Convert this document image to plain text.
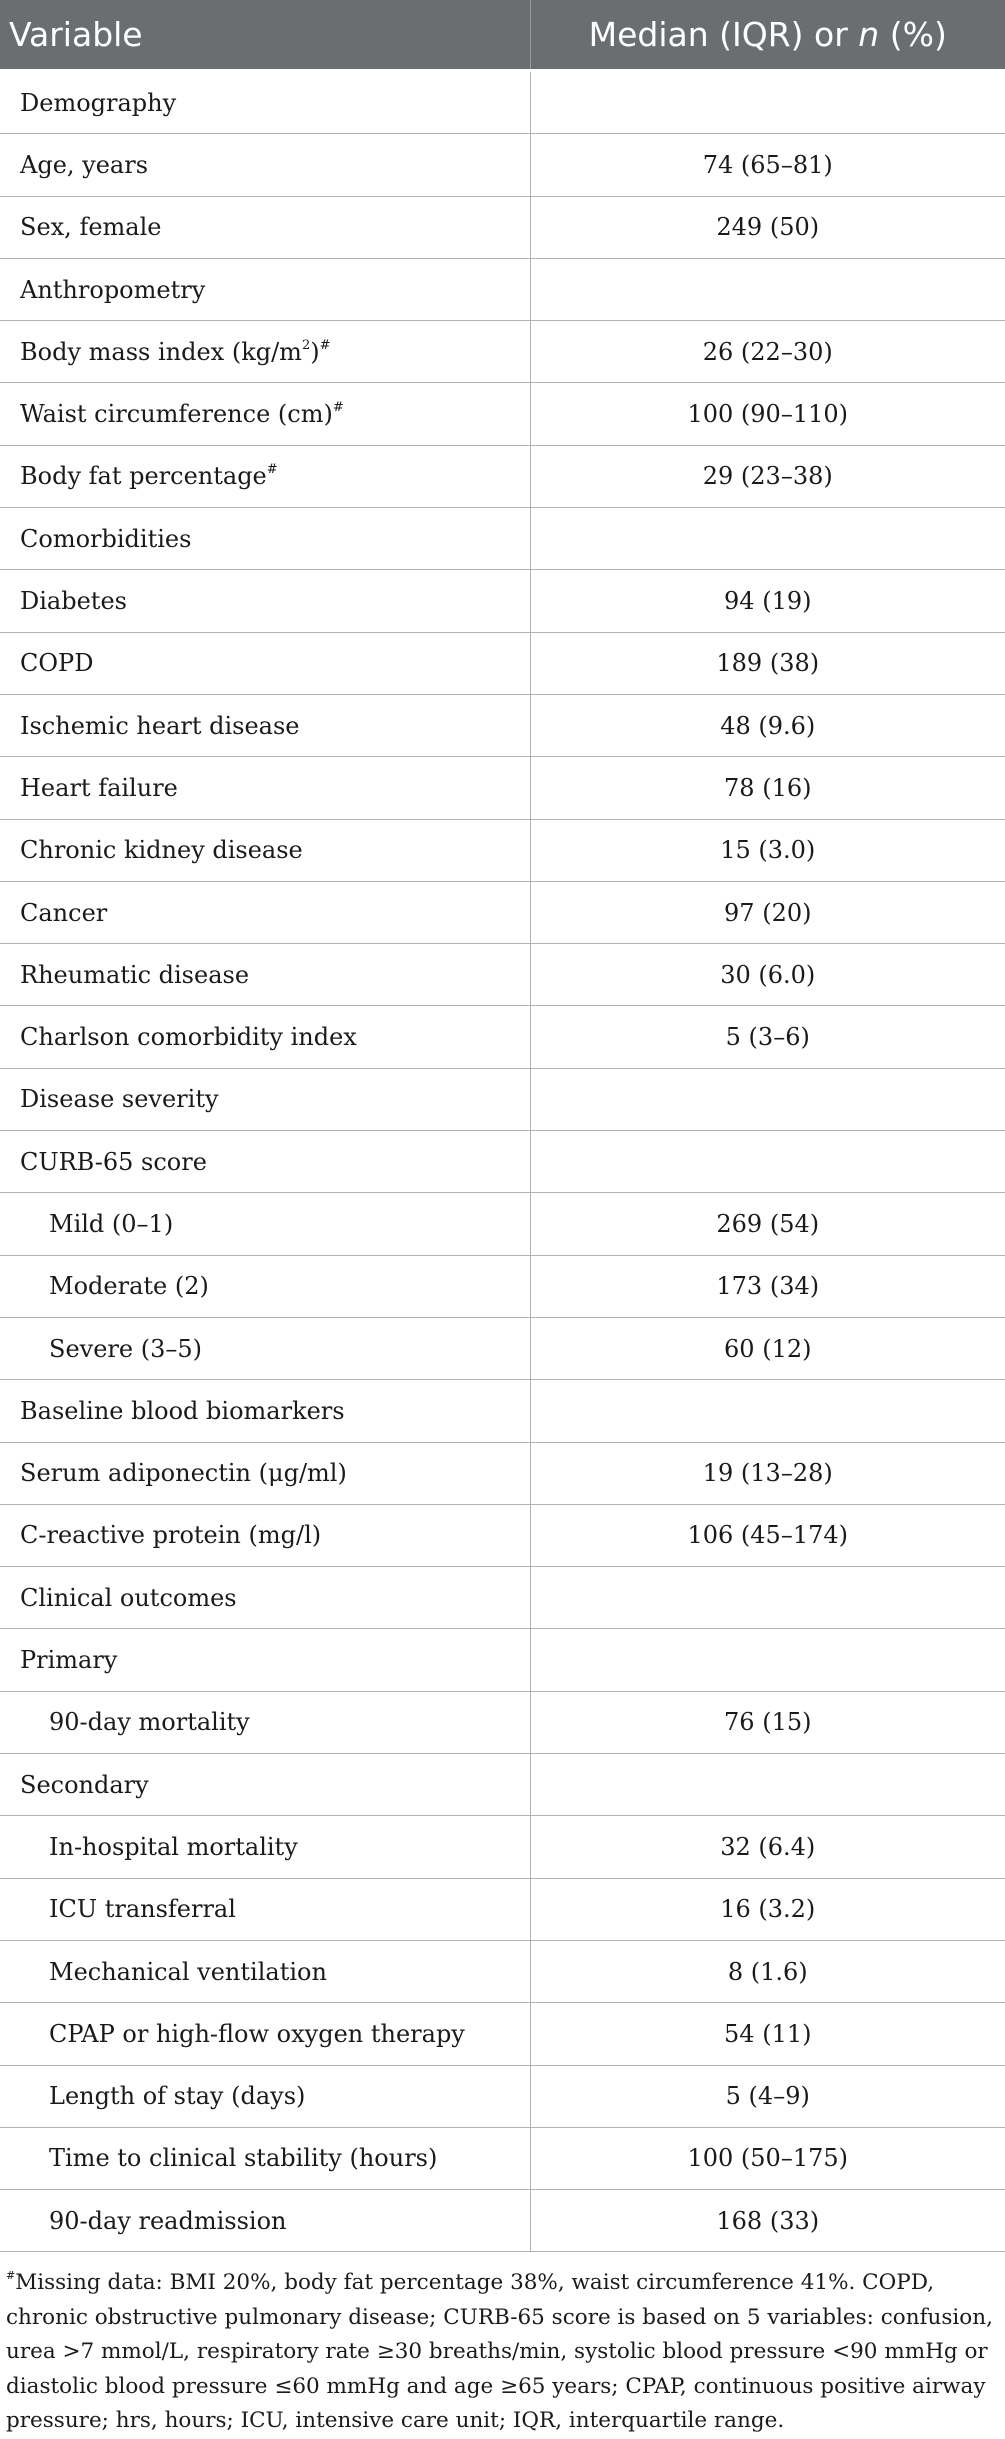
Variable	Median (IQR) or n (%)
Demography	
Age, years	74 (65–81)
Sex, female	249 (50)
Anthropometry	
Body mass index $(kg/m^2)^{\#}$	26 (22–30)
Waist circumference (cm)#	100 (90–110)
Body fat percentage#	29 (23–38)
Comorbidities	
Diabetes	94 (19)
COPD	189 (38)
Ischemic heart disease	48 (9.6)
Heart failure	78 (16)
Chronic kidney disease	15 (3.0)
Cancer	97 (20)
Rheumatic disease	30 (6.0)
Charlson comorbidity index	5 (3–6)
Disease severity	
CURB-65 score	
Mild (0–1)	269 (54)
Moderate (2)	173 (34)
Severe (3–5)	60 (12)
Baseline blood biomarkers	
Serum adiponectin (μg/ml)	19 (13–28)
C-reactive protein (mg/l)	106 (45–174)
Clinical outcomes	
Primary	
90-day mortality	76 (15)
Secondary	
In-hospital mortality	32 (6.4)
ICU transferral	16 (3.2)
Mechanical ventilation	8 (1.6)
CPAP or high-flow oxygen therapy	54 (11)
Length of stay (days)	5 (4–9)
Time to clinical stability (hours)	100 (50–175)
90-day readmission	168 (33)
#Missing data: BMI 20%, body fat percentage 38%, waist circumference 41%. COPD, chronic obstructive pulmonary disease; CURB-65 score is based on 5 variables: confusion, urea >7 mmol/L, respiratory rate ≥30 breaths/min, systolic blood pressure <90 mmHg or diastolic blood pressure ≤60 mmHg and age ≥65 years; CPAP, continuous positive airway pressure; hrs, hours; ICU, intensive care unit; IQR, interquartile range.
